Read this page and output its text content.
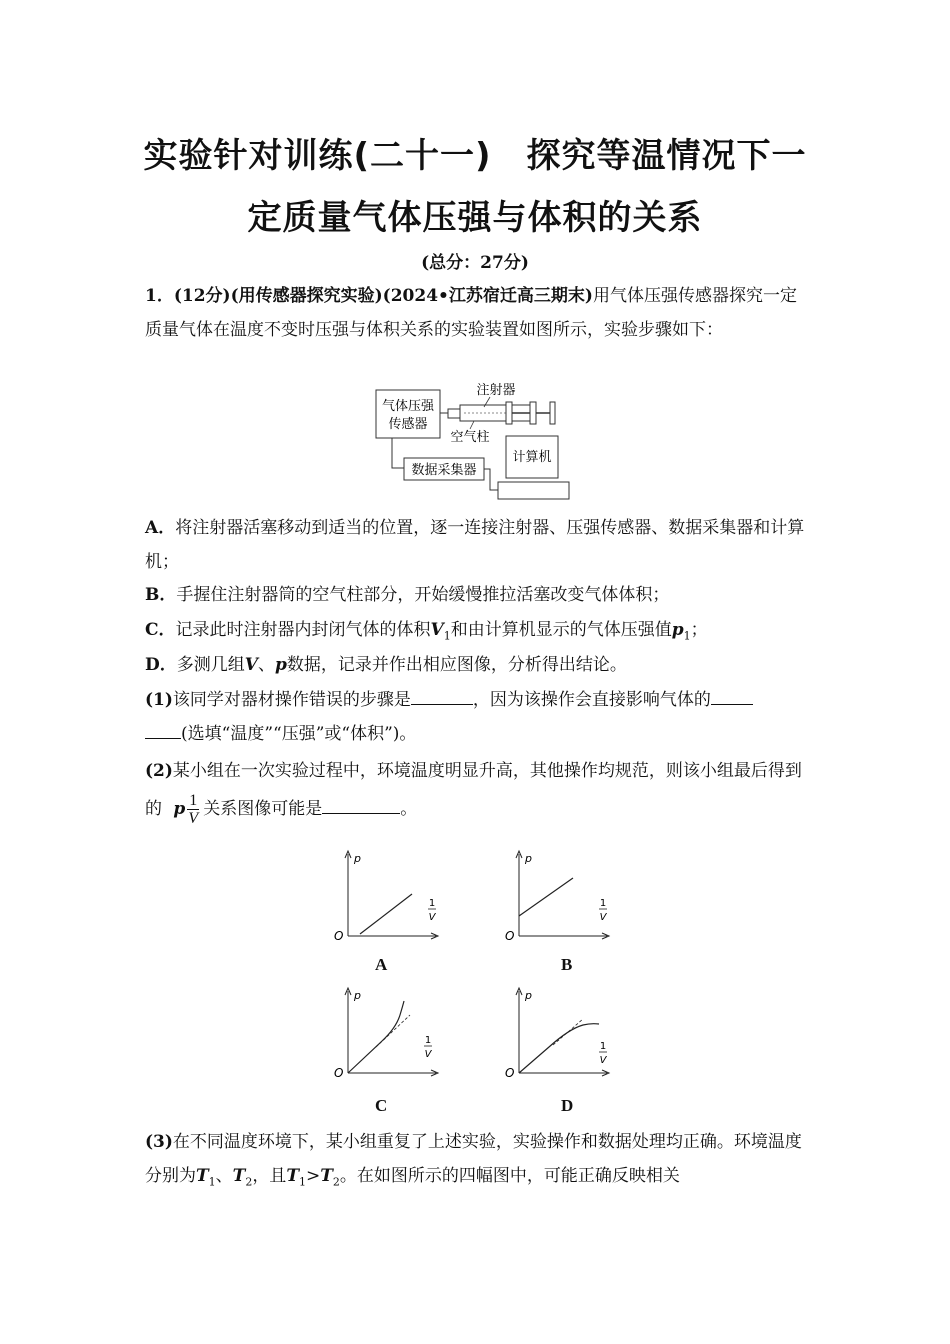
实验针对训练(二十一)　探究等温情况下一
定质量气体压强与体积的关系
(总分：27分)
1．(12分)(用传感器探究实验)(2024•江苏宿迁高三期末)用气体压强传感器探究一定质量气体在温度不变时压强与体积关系的实验装置如图所示，实验步骤如下：
气体压强
传感器
注射器
空气柱
数据采集器
计算机
A．将注射器活塞移动到适当的位置，逐一连接注射器、压强传感器、数据采集器和计算机；
B．手握住注射器筒的空气柱部分，开始缓慢推拉活塞改变气体体积；
C．记录此时注射器内封闭气体的体积$V_1$和由计算机显示的气体压强值$p_1$；
D．多测几组V、p数据，记录并作出相应图像，分析得出结论。
(1)该同学对器材操作错误的步骤是	，因为该操作会直接影响气体的
(选填“温度”“压强”或“体积”)。
(2)某小组在一次实验过程中，环境温度明显升高，其他操作均规范，则该小组最后得到的 p $\frac{1}{V}$ 关系图像可能是	。
p
O
1
V
A
p
O
1
V
B
p
O
1
V
C
p
O
1
V
D
(3)在不同温度环境下，某小组重复了上述实验，实验操作和数据处理均正确。环境温度分别为$T_1$、$T_2$，且$T_1>T_2$。在如图所示的四幅图中，可能正确反映相关
